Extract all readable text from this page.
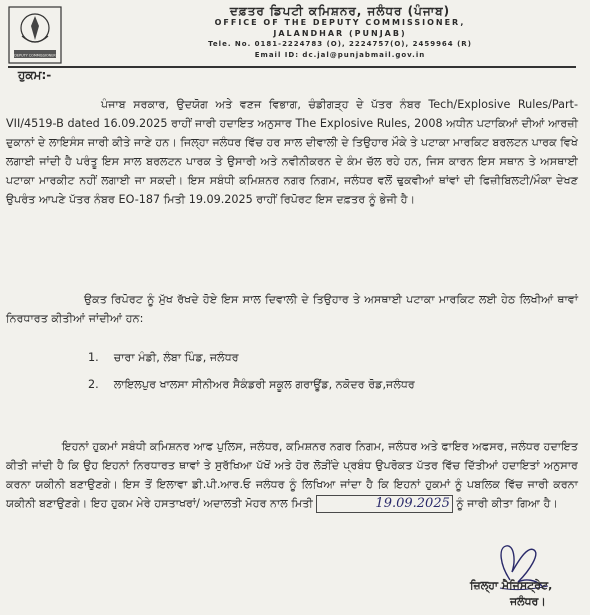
DEPUTY COMMISSIONER
ਦਫ਼ਤਰ ਡਿਪਟੀ ਕਮਿਸ਼ਨਰ, ਜਲੰਧਰ (ਪੰਜਾਬ)
OFFICE OF THE DEPUTY COMMISSIONER,
JALANDHAR (PUNJAB)
Tele. No. 0181-2224783 (O), 2224757(O), 2459964 (R)
Email ID: dc.jal@punjabmail.gov.in
ਹੁਕਮ:-

ਪੰਜਾਬ ਸਰਕਾਰ, ਉਦਯੋਗ ਅਤੇ ਵਣਜ ਵਿਭਾਗ, ਚੰਡੀਗੜ੍ਹ ਦੇ ਪੱਤਰ ਨੰਬਰ Tech/Explosive Rules/Part-VII/4519-B dated 16.09.2025 ਰਾਹੀਂ ਜਾਰੀ ਹਦਾਇਤ ਅਨੁਸਾਰ The Explosive Rules, 2008 ਅਧੀਨ ਪਟਾਕਿਆਂ ਦੀਆਂ ਆਰਜ਼ੀ ਦੁਕਾਨਾਂ ਦੇ ਲਾਇਸੰਸ ਜਾਰੀ ਕੀਤੇ ਜਾਣੇ ਹਨ। ਜਿਲ੍ਹਾ ਜਲੰਧਰ ਵਿੱਚ ਹਰ ਸਾਲ ਦੀਵਾਲੀ ਦੇ ਤਿਉਹਾਰ ਮੌਕੇ ਤੇ ਪਟਾਕਾ ਮਾਰਕਿਟ ਬਰਲਟਨ ਪਾਰਕ ਵਿਖੇ ਲਗਾਈ ਜਾਂਦੀ ਹੈ ਪਰੰਤੂ ਇਸ ਸਾਲ ਬਰਲਟਨ ਪਾਰਕ ਤੇ ਉਸਾਰੀ ਅਤੇ ਨਵੀਨੀਕਰਨ ਦੇ ਕੰਮ ਚੱਲ ਰਹੇ ਹਨ, ਜਿਸ ਕਾਰਨ ਇਸ ਸਥਾਨ ਤੇ ਅਸਥਾਈ ਪਟਾਕਾ ਮਾਰਕੀਟ ਨਹੀਂ ਲਗਾਈ ਜਾ ਸਕਦੀ। ਇਸ ਸਬੰਧੀ ਕਮਿਸ਼ਨਰ ਨਗਰ ਨਿਗਮ, ਜਲੰਧਰ ਵਲੋਂ ਢੁਕਵੀਆਂ ਥਾਂਵਾਂ ਦੀ ਫਿਜ਼ੀਬਿਲਟੀ/ਮੌਕਾ ਦੇਖਣ ਉਪਰੰਤ ਆਪਣੇ ਪੱਤਰ ਨੰਬਰ EO-187 ਮਿਤੀ 19.09.2025 ਰਾਹੀਂ ਰਿਪੋਰਟ ਇਸ ਦਫ਼ਤਰ ਨੂੰ ਭੇਜੀ ਹੈ।

ਉਕਤ ਰਿਪੋਰਟ ਨੂੰ ਮੁੱਖ ਰੱਖਦੇ ਹੋਏ ਇਸ ਸਾਲ ਦਿਵਾਲੀ ਦੇ ਤਿਉਹਾਰ ਤੇ ਅਸਥਾਈ ਪਟਾਕਾ ਮਾਰਕਿਟ ਲਈ ਹੇਠ ਲਿਖੀਆਂ ਥਾਵਾਂ ਨਿਰਧਾਰਤ ਕੀਤੀਆਂ ਜਾਂਦੀਆਂ ਹਨ:

1. ਚਾਰਾ ਮੰਡੀ, ਲੰਬਾ ਪਿੰਡ, ਜਲੰਧਰ
2. ਲਾਇਲਪੁਰ ਖਾਲਸਾ ਸੀਨੀਅਰ ਸੈਕੰਡਰੀ ਸਕੂਲ ਗਰਾਊਂਡ, ਨਕੋਦਰ ਰੋਡ,ਜਲੰਧਰ

ਇਹਨਾਂ ਹੁਕਮਾਂ ਸਬੰਧੀ ਕਮਿਸ਼ਨਰ ਆਫ ਪੁਲਿਸ, ਜਲੰਧਰ, ਕਮਿਸ਼ਨਰ ਨਗਰ ਨਿਗਮ, ਜਲੰਧਰ ਅਤੇ ਫਾਇਰ ਅਫਸਰ, ਜਲੰਧਰ ਹਦਾਇਤ ਕੀਤੀ ਜਾਂਦੀ ਹੈ ਕਿ ਉਹ ਇਹਨਾਂ ਨਿਰਧਾਰਤ ਥਾਵਾਂ ਤੇ ਸੁਰੱਖਿਆ ਪੱਖੋਂ ਅਤੇ ਹੋਰ ਲੋੜੀਂਦੇ ਪ੍ਰਬੰਧ ਉਪਰੋਕਤ ਪੱਤਰ ਵਿੱਚ ਦਿੱਤੀਆਂ ਹਦਾਇਤਾਂ ਅਨੁਸਾਰ ਕਰਨਾ ਯਕੀਨੀ ਬਣਾਉਣਗੇ। ਇਸ ਤੋਂ ਇਲਾਵਾ ਡੀ.ਪੀ.ਆਰ.ਓ ਜਲੰਧਰ ਨੂੰ ਲਿਖਿਆ ਜਾਂਦਾ ਹੈ ਕਿ ਇਹਨਾਂ ਹੁਕਮਾਂ ਨੂੰ ਪਬਲਿਕ ਵਿੱਚ ਜਾਰੀ ਕਰਨਾ ਯਕੀਨੀ ਬਣਾਉਣਗੇ। ਇਹ ਹੁਕਮ ਮੇਰੇ ਹਸਤਾਖਰਾਂ/ ਅਦਾਲਤੀ ਮੋਹਰ ਨਾਲ ਮਿਤੀ	19.09.2025 ਨੂੰ ਜਾਰੀ ਕੀਤਾ ਗਿਆ ਹੈ।

ਜ਼ਿਲ੍ਹਾ ਮੈਜਿਸਟ੍ਰੇਟ,
ਜਲੰਧਰ।
